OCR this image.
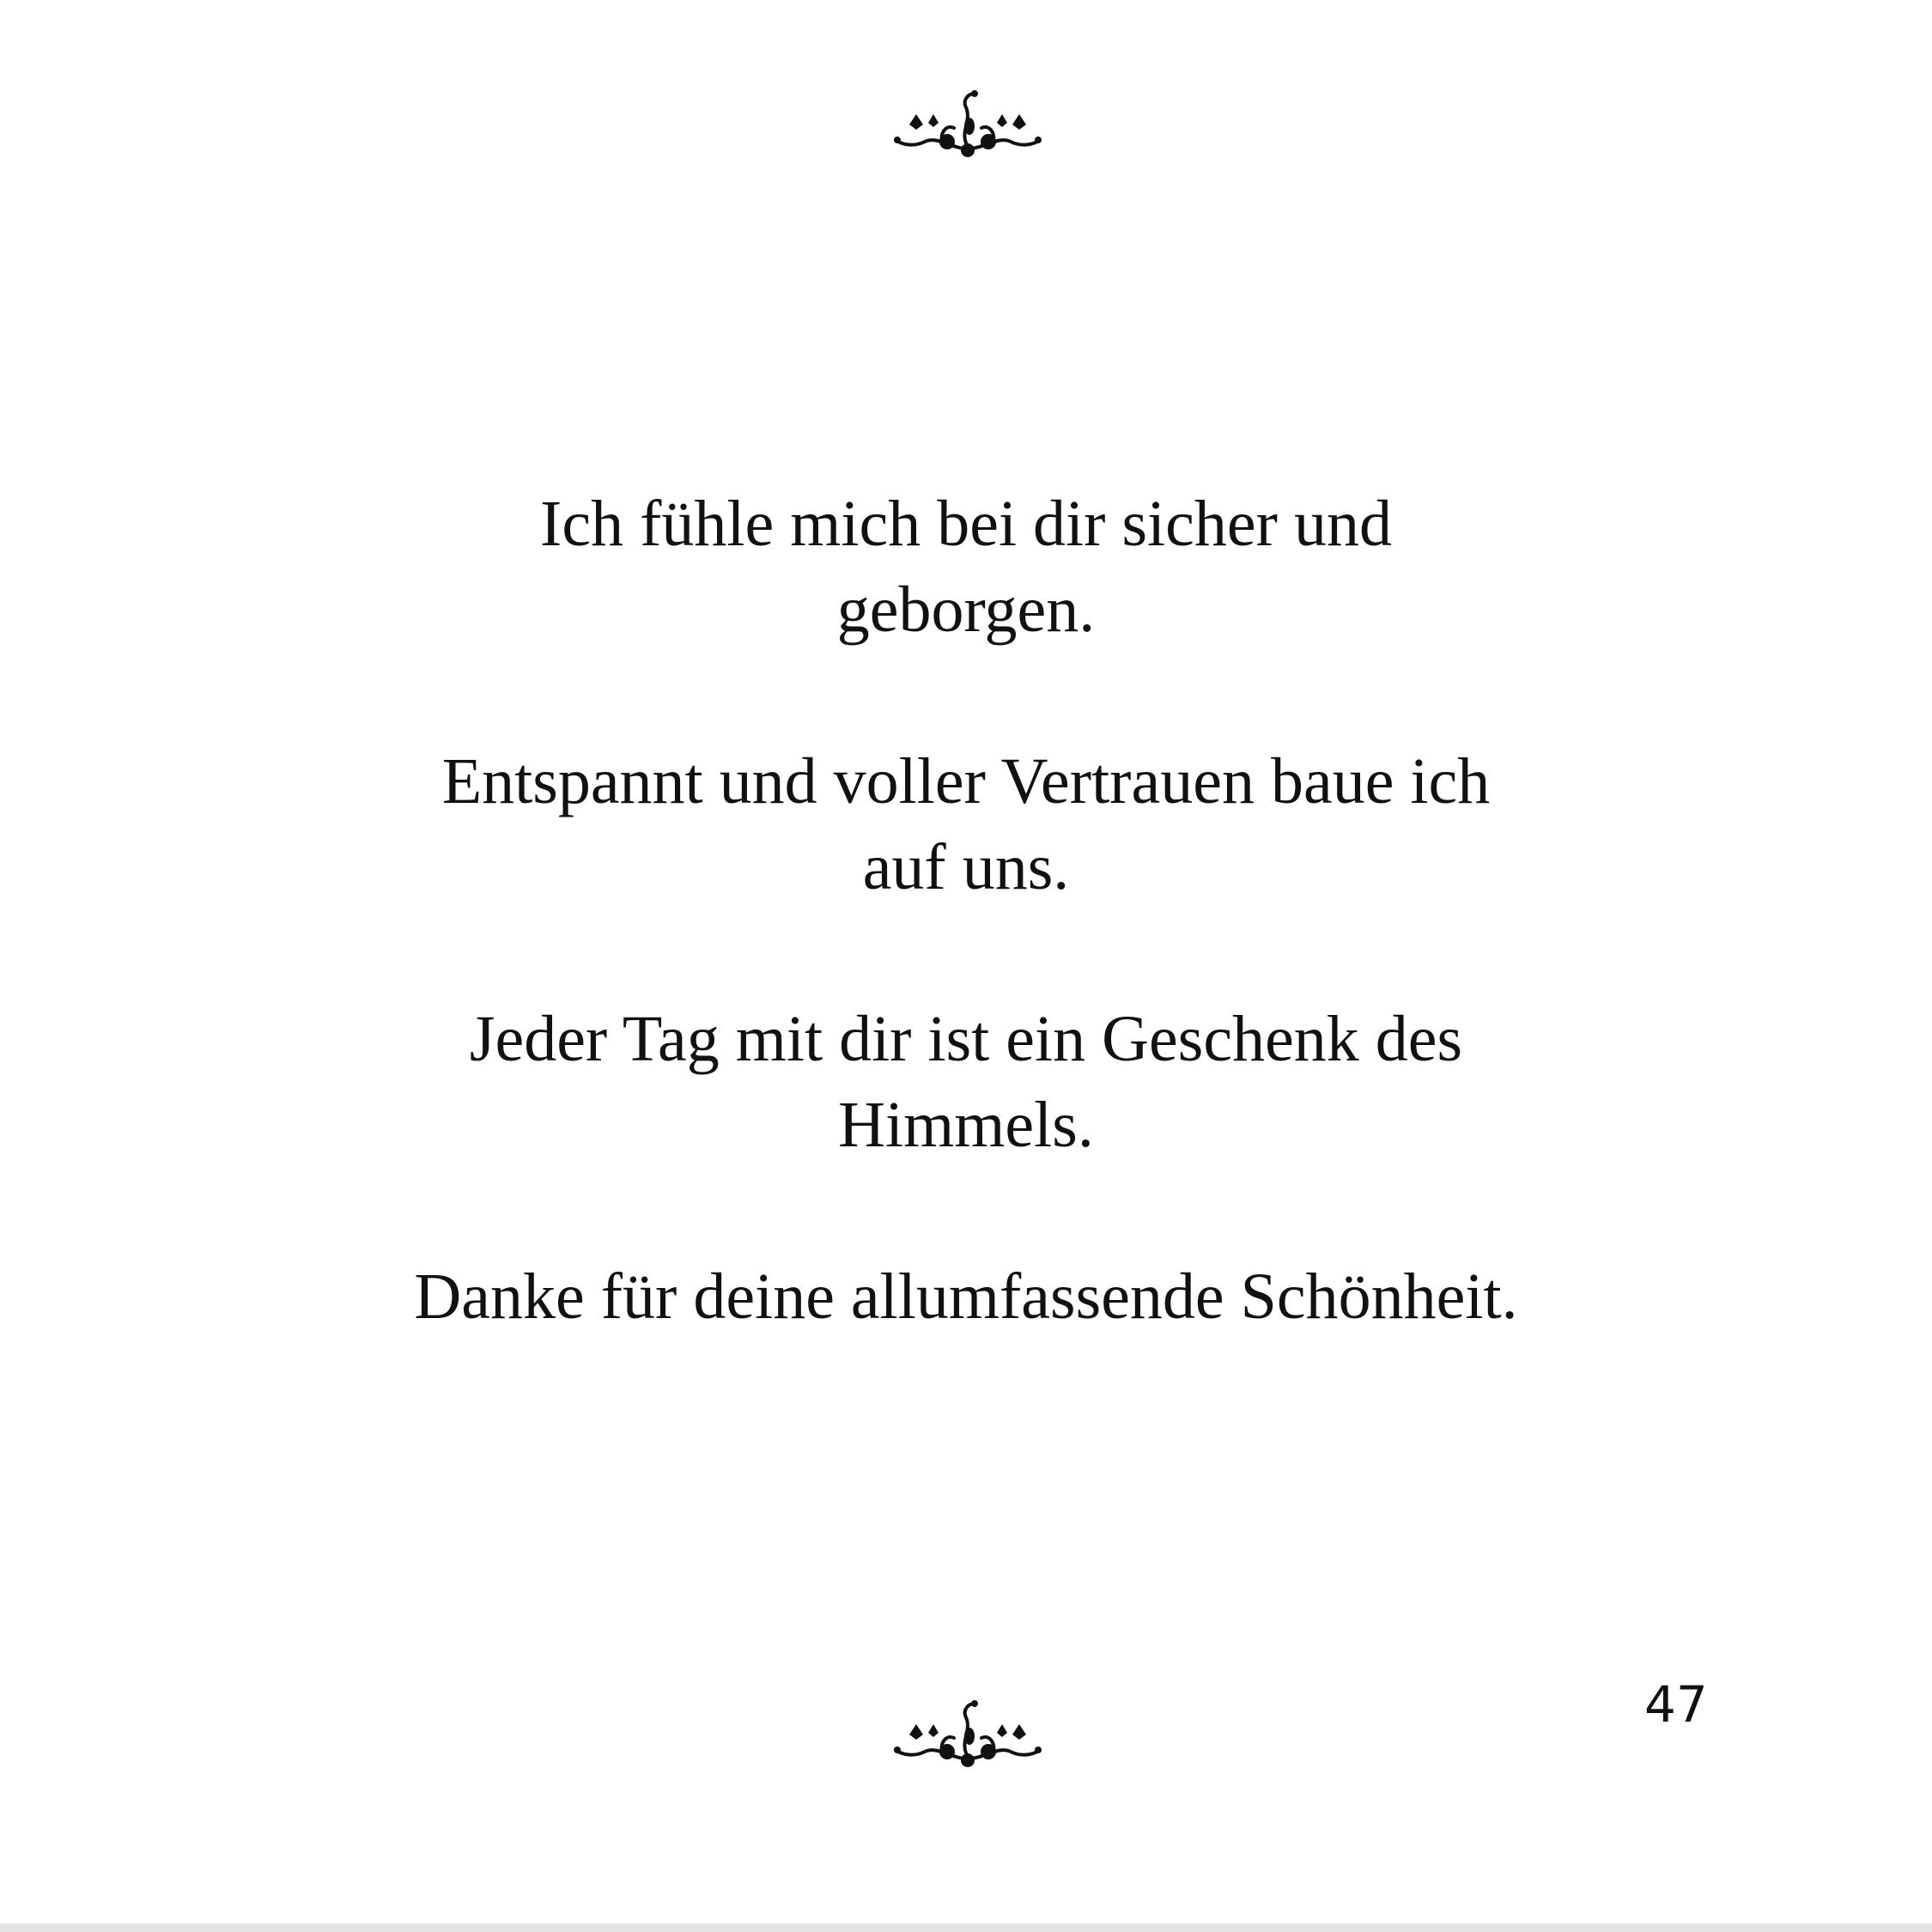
Ich fühle mich bei dir sicher und
geborgen.

Entspannt und voller Vertrauen baue ich
auf uns.

Jeder Tag mit dir ist ein Geschenk des
Himmels.

Danke für deine allumfassende Schönheit.

47
